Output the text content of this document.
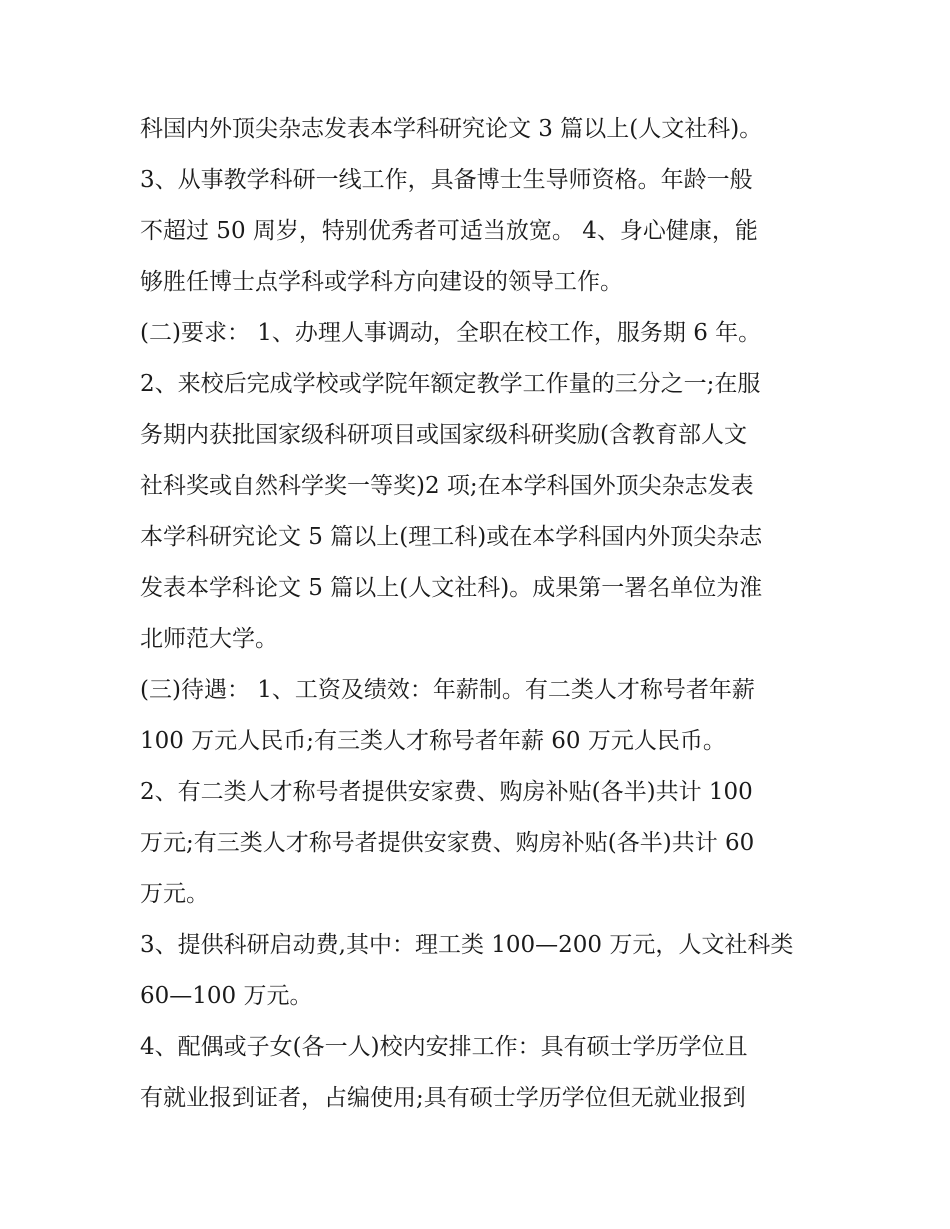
科国内外顶尖杂志发表本学科研究论文 3 篇以上(人文社科)。
3、从事教学科研一线工作，具备博士生导师资格。年龄一般
不超过 50 周岁，特别优秀者可适当放宽。 4、身心健康，能
够胜任博士点学科或学科方向建设的领导工作。
(二)要求： 1、办理人事调动，全职在校工作，服务期 6 年。
2、来校后完成学校或学院年额定教学工作量的三分之一;在服
务期内获批国家级科研项目或国家级科研奖励(含教育部人文
社科奖或自然科学奖一等奖)2 项;在本学科国外顶尖杂志发表
本学科研究论文 5 篇以上(理工科)或在本学科国内外顶尖杂志
发表本学科论文 5 篇以上(人文社科)。成果第一署名单位为淮
北师范大学。
(三)待遇： 1、工资及绩效：年薪制。有二类人才称号者年薪
100 万元人民币;有三类人才称号者年薪 60 万元人民币。
2、有二类人才称号者提供安家费、购房补贴(各半)共计 100
万元;有三类人才称号者提供安家费、购房补贴(各半)共计 60
万元。
3、提供科研启动费,其中：理工类 100—200 万元，人文社科类
60—100 万元。
4、配偶或子女(各一人)校内安排工作：具有硕士学历学位且
有就业报到证者，占编使用;具有硕士学历学位但无就业报到
